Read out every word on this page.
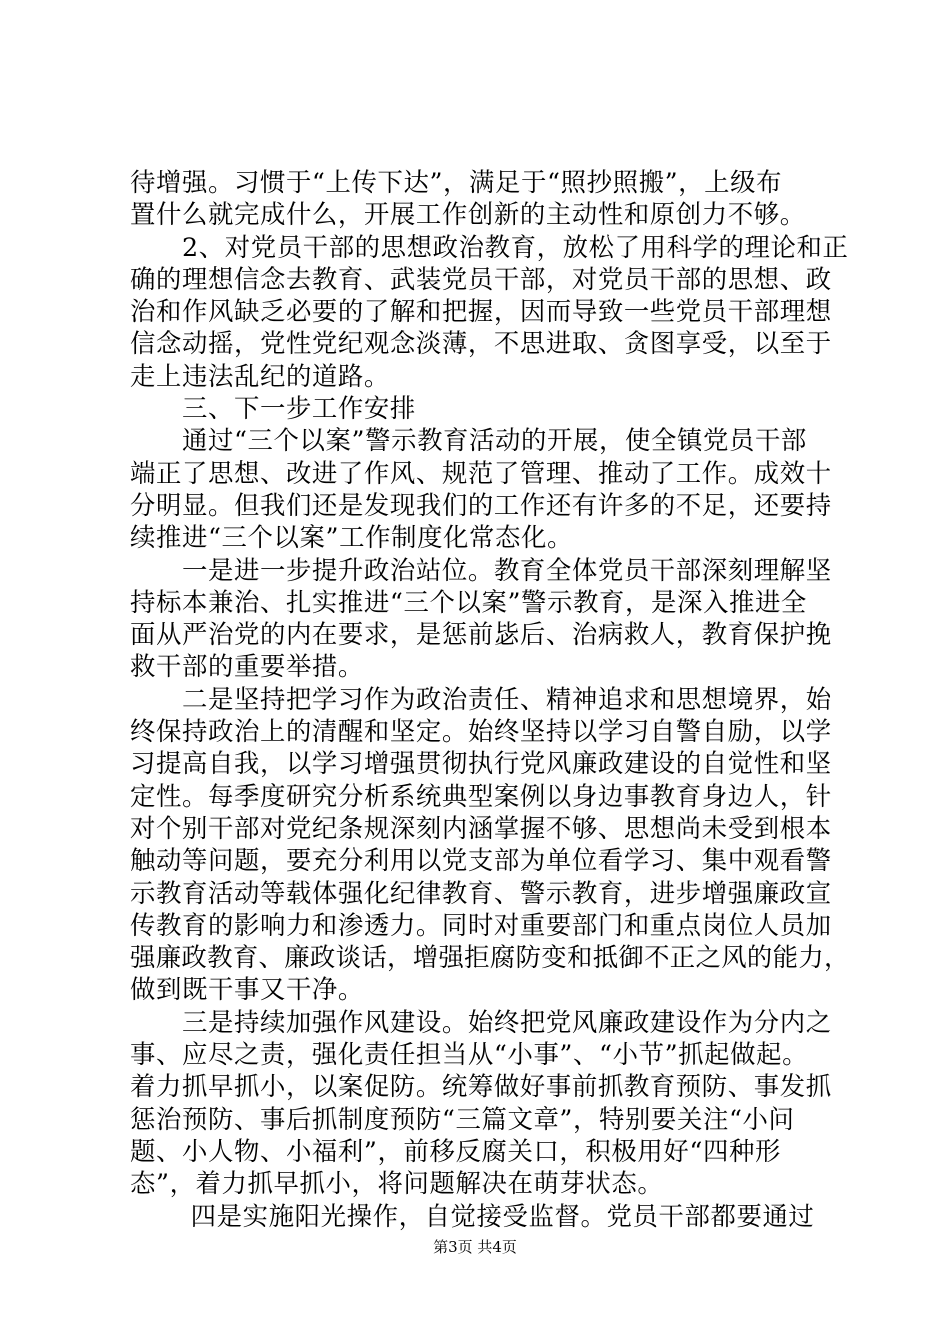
待增强。习惯于“上传下达”，满足于“照抄照搬”，上级布
置什么就完成什么，开展工作创新的主动性和原创力不够。
　　2、对党员干部的思想政治教育，放松了用科学的理论和正
确的理想信念去教育、武装党员干部，对党员干部的思想、政
治和作风缺乏必要的了解和把握，因而导致一些党员干部理想
信念动摇，党性党纪观念淡薄，不思进取、贪图享受，以至于
走上违法乱纪的道路。
　　三、下一步工作安排
　　通过“三个以案”警示教育活动的开展，使全镇党员干部
端正了思想、改进了作风、规范了管理、推动了工作。成效十
分明显。但我们还是发现我们的工作还有许多的不足，还要持
续推进“三个以案”工作制度化常态化。
　　一是进一步提升政治站位。教育全体党员干部深刻理解坚
持标本兼治、扎实推进“三个以案”警示教育，是深入推进全
面从严治党的内在要求，是惩前毖后、治病救人，教育保护挽
救干部的重要举措。
　　二是坚持把学习作为政治责任、精神追求和思想境界，始
终保持政治上的清醒和坚定。始终坚持以学习自警自励，以学
习提高自我，以学习增强贯彻执行党风廉政建设的自觉性和坚
定性。每季度研究分析系统典型案例以身边事教育身边人，针
对个别干部对党纪条规深刻内涵掌握不够、思想尚未受到根本
触动等问题，要充分利用以党支部为单位看学习、集中观看警
示教育活动等载体强化纪律教育、警示教育，进步增强廉政宣
传教育的影响力和渗透力。同时对重要部门和重点岗位人员加
强廉政教育、廉政谈话，增强拒腐防变和抵御不正之风的能力，
做到既干事又干净。
　　三是持续加强作风建设。始终把党风廉政建设作为分内之
事、应尽之责，强化责任担当从“小事”、“小节”抓起做起。
着力抓早抓小，以案促防。统筹做好事前抓教育预防、事发抓
惩治预防、事后抓制度预防“三篇文章”，特别要关注“小问
题、小人物、小福利”，前移反腐关口，积极用好“四种形
态”，着力抓早抓小，将问题解决在萌芽状态。
　　 四是实施阳光操作，自觉接受监督。党员干部都要通过
第3页 共4页
